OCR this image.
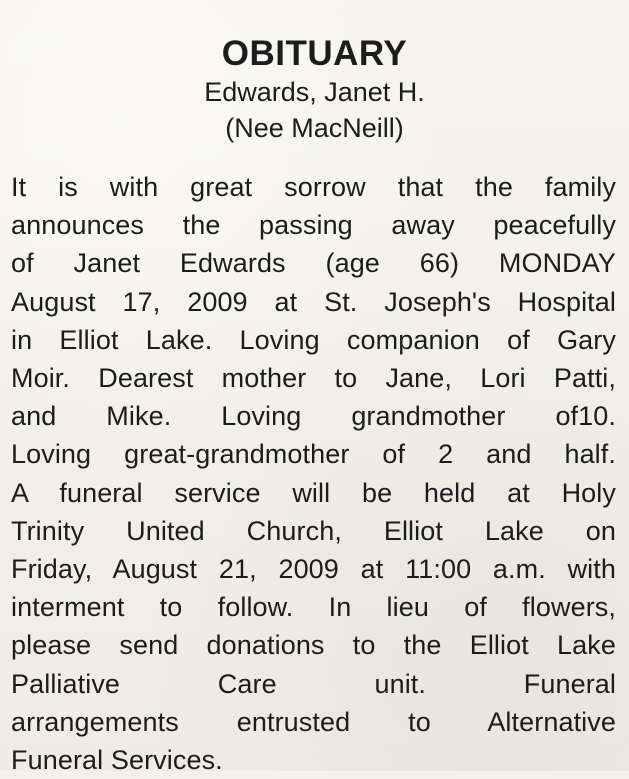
OBITUARY

Edwards, Janet H.

(Nee MacNeill)

It is with great sorrow that the family
announces the passing away peacefully
of Janet Edwards (age 66) MONDAY
August 17, 2009 at St. Joseph's Hospital
in Elliot Lake. Loving companion of Gary
Moir. Dearest mother to Jane, Lori Patti,
and Mike. Loving grandmother of10.
Loving great-grandmother of 2 and half.
A funeral service will be held at Holy
Trinity United Church, Elliot Lake on
Friday, August 21, 2009 at 11:00 a.m. with
interment to follow. In lieu of flowers,
please send donations to the Elliot Lake
Palliative Care unit. Funeral
arrangements entrusted to Alternative
Funeral Services.
